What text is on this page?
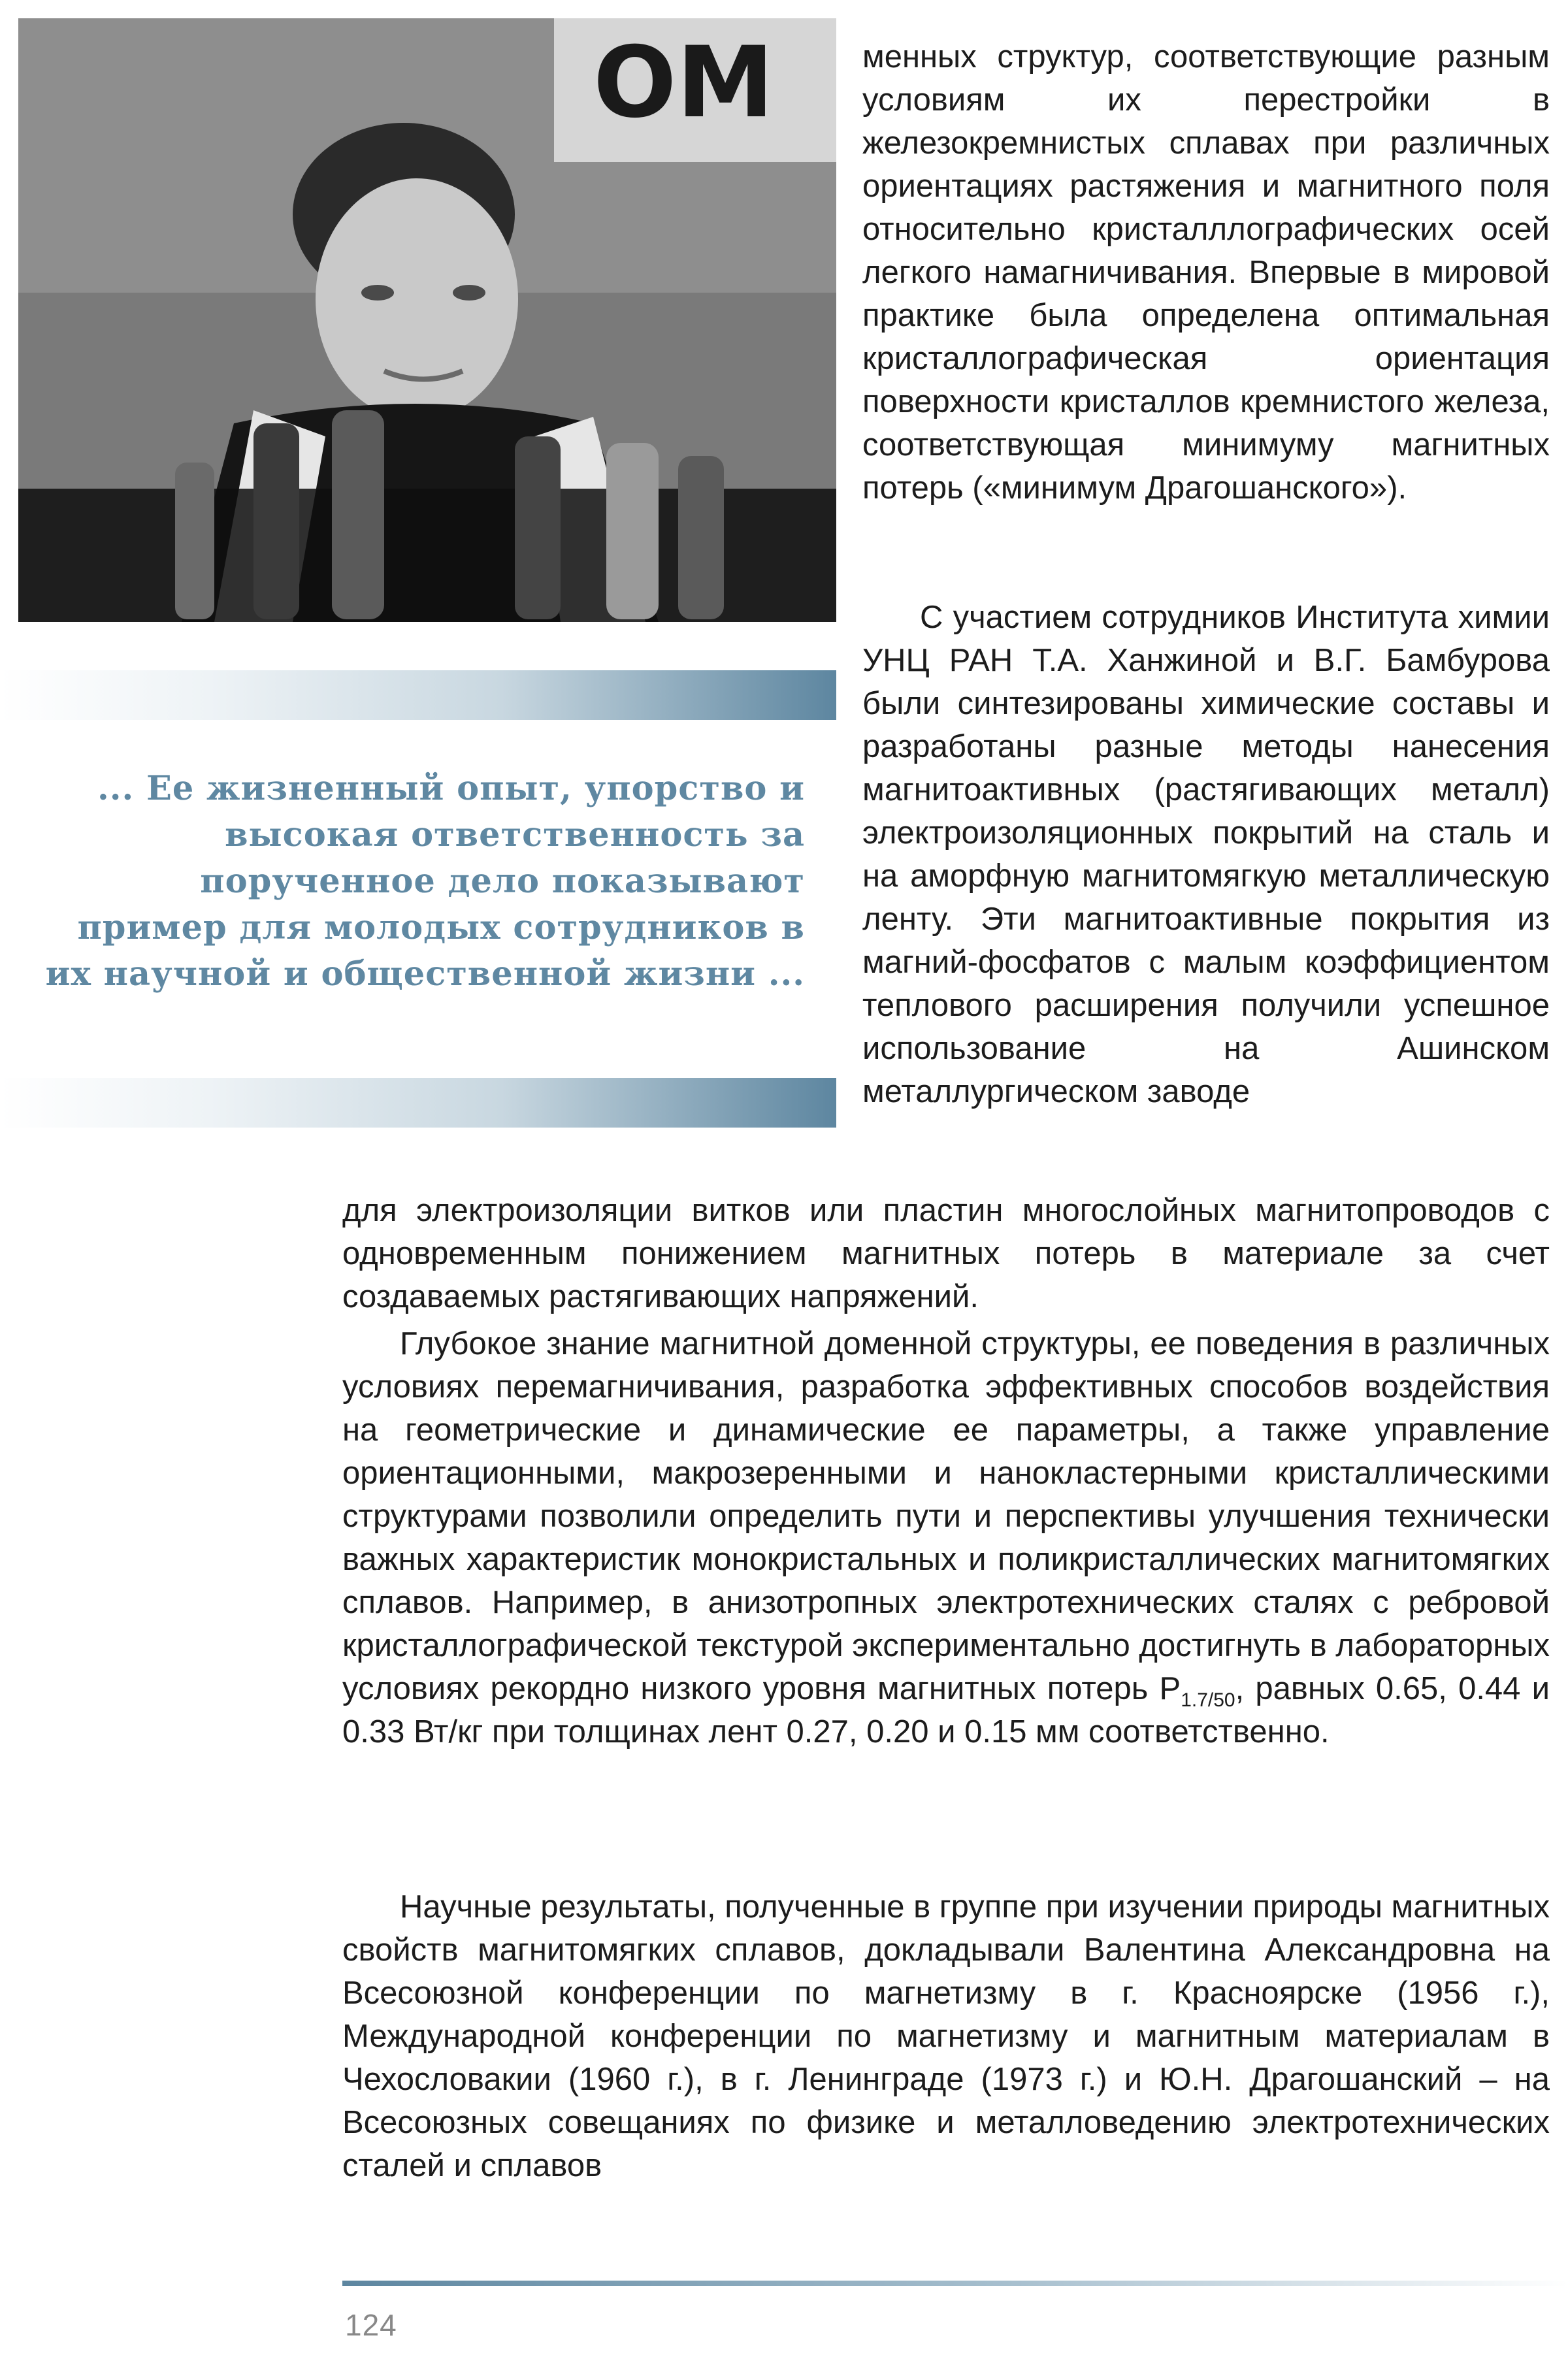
OM	менных структур, соответствующие разным условиям их перестройки в железокремнистых сплавах при различных ориентациях растяжения и магнитного поля относительно кристалллографических осей легкого намагничивания. Впервые в мировой практике была определена оптимальная кристаллографическая ориентация поверхности кристаллов кремнистого железа, соответствующая минимуму магнитных потерь («минимум Драгошанского»).

С участием сотрудников Института химии УНЦ РАН Т.А. Ханжиной и В.Г. Бамбурова были синтезированы химические составы и разработаны разные методы нанесения магнитоактивных (растягивающих металл) электроизоляционных покрытий на сталь и на аморфную магнитомягкую металлическую ленту. Эти магнитоактивные покрытия из магний-фосфатов с малым коэффициентом теплового расширения получили успешное использование на Ашинском металлургическом заводе

... Ее жизненный опыт, упорство и высокая ответственность за порученное дело показывают пример для молодых сотрудников в их научной и общественной жизни ...

для электроизоляции витков или пластин многослойных магнитопроводов с одновременным понижением магнитных потерь в материале за счет создаваемых растягивающих напряжений.

Глубокое знание магнитной доменной структуры, ее поведения в различных условиях перемагничивания, разработка эффективных способов воздействия на геометрические и динамические ее параметры, а также управление ориентационными, макрозеренными и нанокластерными кристаллическими структурами позволили определить пути и перспективы улучшения технически важных характеристик монокристальных и поликристаллических магнитомягких сплавов. Например, в анизотропных электротехнических сталях с ребровой кристаллографической текстурой экспериментально достигнуть в лабораторных условиях рекордно низкого уровня магнитных потерь $P_{1.7/50}$, равных 0.65, 0.44 и 0.33 Вт/кг при толщинах лент 0.27, 0.20 и 0.15 мм соответственно.

Научные результаты, полученные в группе при изучении природы магнитных свойств магнитомягких сплавов, докладывали Валентина Александровна на Всесоюзной конференции по магнетизму в г. Красноярске (1956 г.), Международной конференции по магнетизму и магнитным материалам в Чехословакии (1960 г.), в г. Ленинграде (1973 г.) и Ю.Н. Драгошанский – на Всесоюзных совещаниях по физике и металловедению электротехнических сталей и сплавов

124
